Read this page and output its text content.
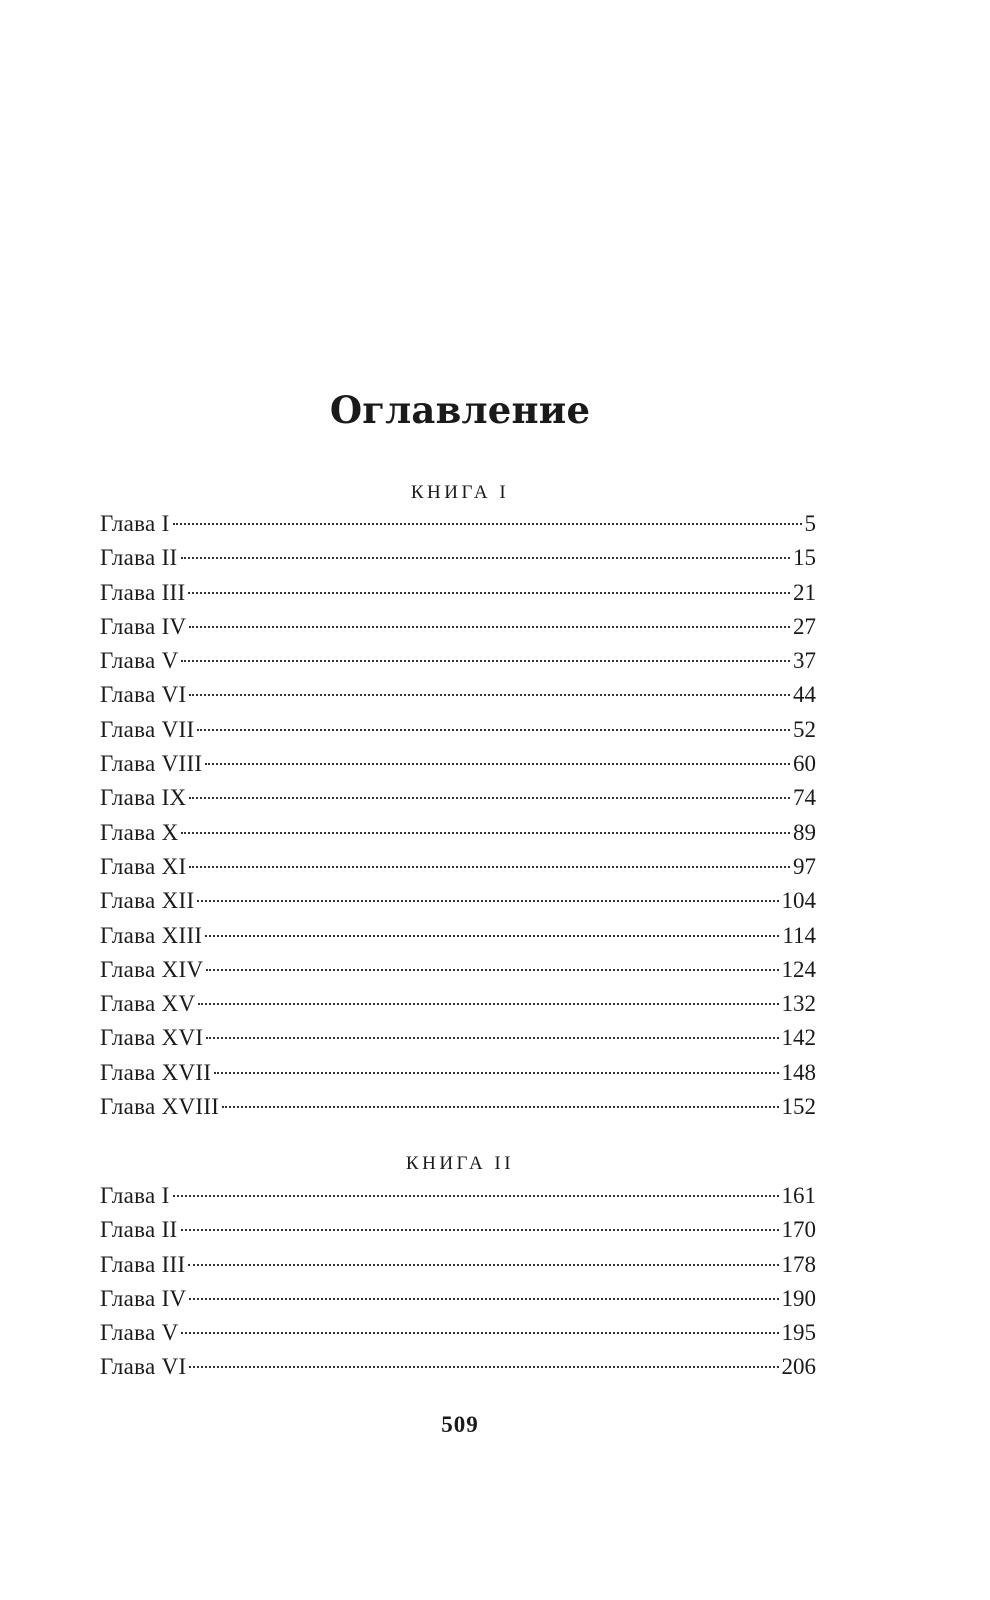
Оглавление
КНИГА I
Глава I	5
Глава II	15
Глава III	21
Глава IV	27
Глава V	37
Глава VI	44
Глава VII	52
Глава VIII	60
Глава IX	74
Глава X	89
Глава XI	97
Глава XII	104
Глава XIII	114
Глава XIV	124
Глава XV	132
Глава XVI	142
Глава XVII	148
Глава XVIII	152
КНИГА II
Глава I	161
Глава II	170
Глава III	178
Глава IV	190
Глава V	195
Глава VI	206
509
